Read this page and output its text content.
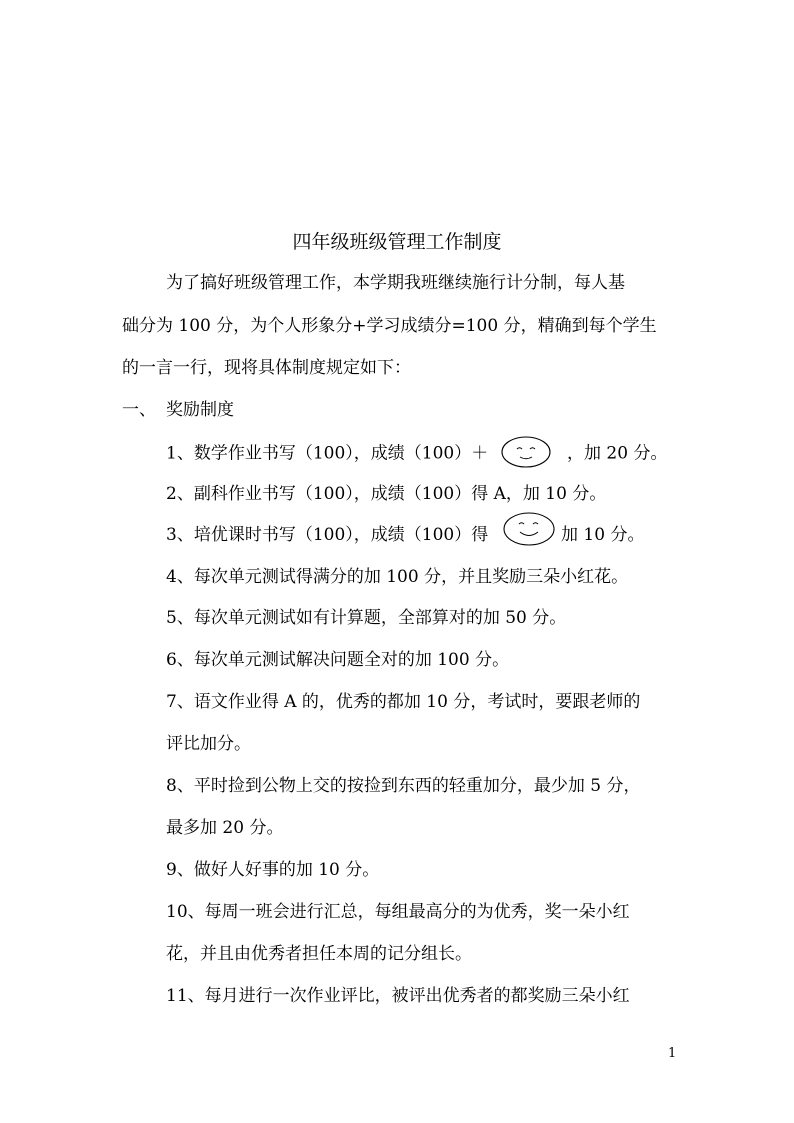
四年级班级管理工作制度
为了搞好班级管理工作，本学期我班继续施行计分制，每人基
础分为 100 分，为个人形象分+学习成绩分=100 分，精确到每个学生
的一言一行，现将具体制度规定如下：
一、 奖励制度
1、数学作业书写（100），成绩（100）＋	，加 20 分。
2、副科作业书写（100），成绩（100）得 A，加 10 分。
3、培优课时书写（100），成绩（100）得	加 10 分。
4、每次单元测试得满分的加 100 分，并且奖励三朵小红花。
5、每次单元测试如有计算题，全部算对的加 50 分。
6、每次单元测试解决问题全对的加 100 分。
7、语文作业得 A 的，优秀的都加 10 分，考试时，要跟老师的
评比加分。
8、平时捡到公物上交的按捡到东西的轻重加分，最少加 5 分，
最多加 20 分。
9、做好人好事的加 10 分。
10、每周一班会进行汇总，每组最高分的为优秀，奖一朵小红
花，并且由优秀者担任本周的记分组长。
11、每月进行一次作业评比，被评出优秀者的都奖励三朵小红
1
